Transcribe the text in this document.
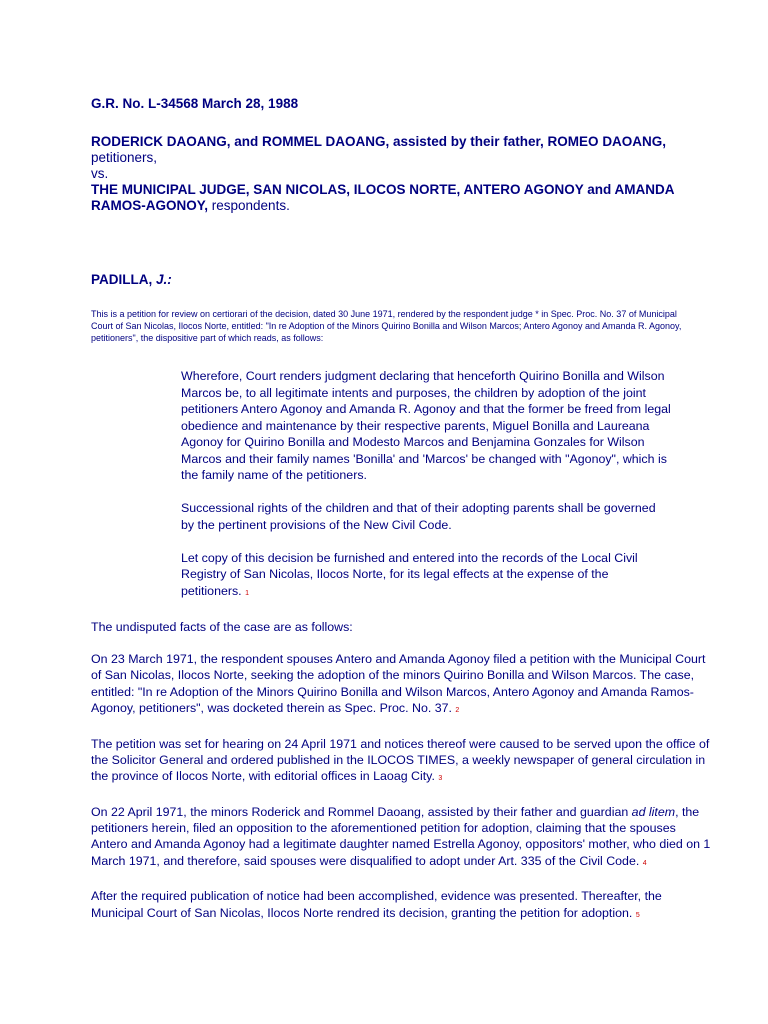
G.R. No. L-34568 March 28, 1988

RODERICK DAOANG, and ROMMEL DAOANG, assisted by their father, ROMEO DAOANG, petitioners,

vs.

THE MUNICIPAL JUDGE, SAN NICOLAS, ILOCOS NORTE, ANTERO AGONOY and AMANDA RAMOS-AGONOY, respondents.

PADILLA, J.:
This is a petition for review on certiorari of the decision, dated 30 June 1971, rendered by the respondent judge * in Spec. Proc. No. 37 of Municipal Court of San Nicolas, Ilocos Norte, entitled: "In re Adoption of the Minors Quirino Bonilla and Wilson Marcos; Antero Agonoy and Amanda R. Agonoy, petitioners", the dispositive part of which reads, as follows:

Wherefore, Court renders judgment declaring that henceforth Quirino Bonilla and Wilson Marcos be, to all legitimate intents and purposes, the children by adoption of the joint petitioners Antero Agonoy and Amanda R. Agonoy and that the former be freed from legal obedience and maintenance by their respective parents, Miguel Bonilla and Laureana Agonoy for Quirino Bonilla and Modesto Marcos and Benjamina Gonzales for Wilson Marcos and their family names 'Bonilla' and 'Marcos' be changed with "Agonoy", which is the family name of the petitioners.

Successional rights of the children and that of their adopting parents shall be governed by the pertinent provisions of the New Civil Code.

Let copy of this decision be furnished and entered into the records of the Local Civil Registry of San Nicolas, Ilocos Norte, for its legal effects at the expense of the petitioners. 1

The undisputed facts of the case are as follows:

On 23 March 1971, the respondent spouses Antero and Amanda Agonoy filed a petition with the Municipal Court of San Nicolas, Ilocos Norte, seeking the adoption of the minors Quirino Bonilla and Wilson Marcos. The case, entitled: "In re Adoption of the Minors Quirino Bonilla and Wilson Marcos, Antero Agonoy and Amanda Ramos-Agonoy, petitioners", was docketed therein as Spec. Proc. No. 37. 2

The petition was set for hearing on 24 April 1971 and notices thereof were caused to be served upon the office of the Solicitor General and ordered published in the ILOCOS TIMES, a weekly newspaper of general circulation in the province of Ilocos Norte, with editorial offices in Laoag City. 3

On 22 April 1971, the minors Roderick and Rommel Daoang, assisted by their father and guardian ad litem, the petitioners herein, filed an opposition to the aforementioned petition for adoption, claiming that the spouses Antero and Amanda Agonoy had a legitimate daughter named Estrella Agonoy, oppositors' mother, who died on 1 March 1971, and therefore, said spouses were disqualified to adopt under Art. 335 of the Civil Code. 4

After the required publication of notice had been accomplished, evidence was presented. Thereafter, the Municipal Court of San Nicolas, Ilocos Norte rendred its decision, granting the petition for adoption. 5
